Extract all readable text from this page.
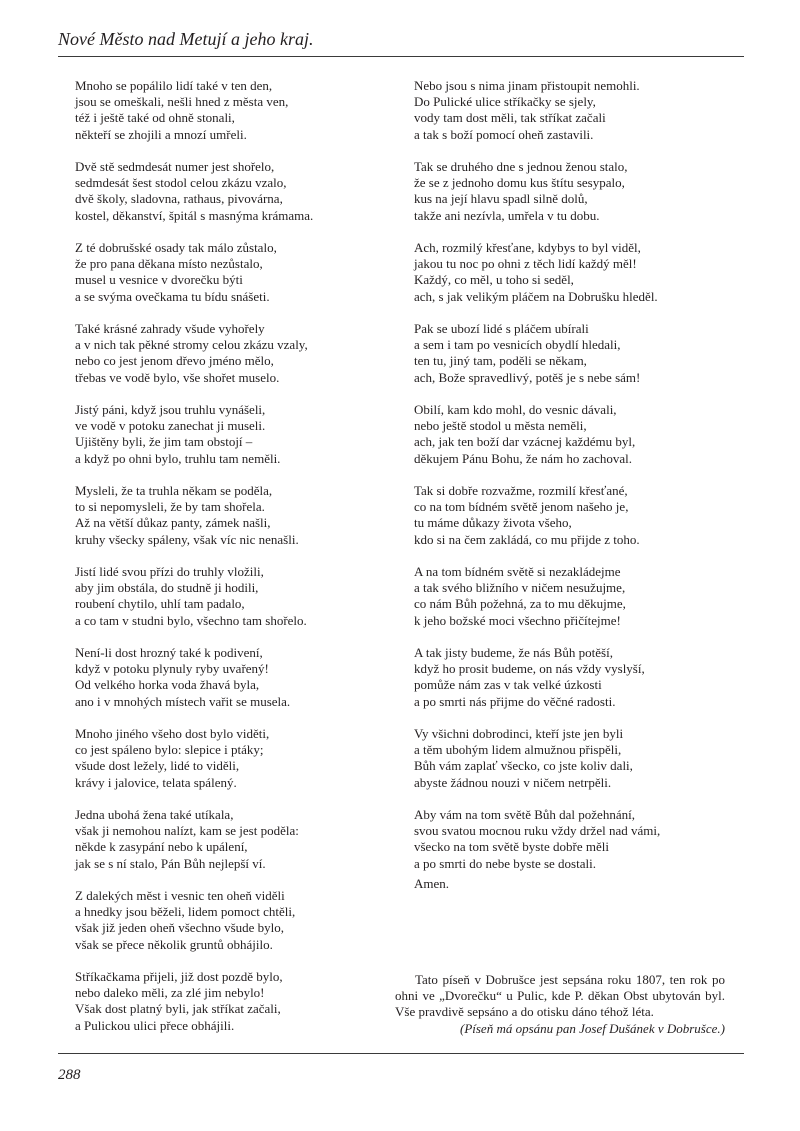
Nové Město nad Metují a jeho kraj.
Mnoho se popálilo lidí také v ten den,
jsou se omeškali, nešli hned z města ven,
též i ještě také od ohně stonali,
někteří se zhojili a mnozí umřeli.
Dvě stě sedmdesát numer jest shořelo,
sedmdesát šest stodol celou zkázu vzalo,
dvě školy, sladovna, rathaus, pivovárna,
kostel, děkanství, špitál s masnýma krámama.
Z té dobrušské osady tak málo zůstalo,
že pro pana děkana místo nezůstalo,
musel u vesnice v dvorečku býti
a se svýma ovečkama tu bídu snášeti.
Také krásné zahrady všude vyhořely
a v nich tak pěkné stromy celou zkázu vzaly,
nebo co jest jenom dřevo jméno mělo,
třebas ve vodě bylo, vše shořet muselo.
Jistý páni, když jsou truhlu vynášeli,
ve vodě v potoku zanechat ji museli.
Ujištěny byli, že jim tam obstojí –
a když po ohni bylo, truhlu tam neměli.
Mysleli, že ta truhla někam se poděla,
to si nepomysleli, že by tam shořela.
Až na větší důkaz panty, zámek našli,
kruhy všecky spáleny, však víc nic nenašli.
Jistí lidé svou přízi do truhly vložili,
aby jim obstála, do studně ji hodili,
roubení chytilo, uhlí tam padalo,
a co tam v studni bylo, všechno tam shořelo.
Není-li dost hrozný také k podivení,
když v potoku plynuly ryby uvařený!
Od velkého horka voda žhavá byla,
ano i v mnohých místech vařit se musela.
Mnoho jiného všeho dost bylo viděti,
co jest spáleno bylo: slepice i ptáky;
všude dost ležely, lidé to viděli,
krávy i jalovice, telata spálený.
Jedna ubohá žena také utíkala,
však ji nemohou nalízt, kam se jest poděla:
někde k zasypání nebo k upálení,
jak se s ní stalo, Pán Bůh nejlepší ví.
Z dalekých měst i vesnic ten oheň viděli
a hnedky jsou běželi, lidem pomoct chtěli,
však již jeden oheň všechno všude bylo,
však se přece několik gruntů obhájilo.
Stříkačkama přijeli, již dost pozdě bylo,
nebo daleko měli, za zlé jim nebylo!
Však dost platný byli, jak stříkat začali,
a Pulickou ulici přece obhájili.
Nebo jsou s nima jinam přistoupit nemohli.
Do Pulické ulice stříkačky se sjely,
vody tam dost měli, tak stříkat začali
a tak s boží pomocí oheň zastavili.
Tak se druhého dne s jednou ženou stalo,
že se z jednoho domu kus štítu sesypalo,
kus na její hlavu spadl silně dolů,
takže ani nezívla, umřela v tu dobu.
Ach, rozmilý křesťane, kdybys to byl viděl,
jakou tu noc po ohni z těch lidí každý měl!
Každý, co měl, u toho si seděl,
ach, s jak velikým pláčem na Dobrušku hleděl.
Pak se ubozí lidé s pláčem ubírali
a sem i tam po vesnicích obydlí hledali,
ten tu, jiný tam, poděli se někam,
ach, Bože spravedlivý, potěš je s nebe sám!
Obilí, kam kdo mohl, do vesnic dávali,
nebo ještě stodol u města neměli,
ach, jak ten boží dar vzácnej každému byl,
děkujem Pánu Bohu, že nám ho zachoval.
Tak si dobře rozvažme, rozmilí křesťané,
co na tom bídném světě jenom našeho je,
tu máme důkazy života všeho,
kdo si na čem zakládá, co mu přijde z toho.
A na tom bídném světě si nezakládejme
a tak svého bližního v ničem nesužujme,
co nám Bůh požehná, za to mu děkujme,
k jeho božské moci všechno přičítejme!
A tak jisty budeme, že nás Bůh potěší,
když ho prosit budeme, on nás vždy vyslyší,
pomůže nám zas v tak velké úzkosti
a po smrti nás přijme do věčné radosti.
Vy všichni dobrodinci, kteří jste jen byli
a těm ubohým lidem almužnou přispěli,
Bůh vám zaplať všecko, co jste koliv dali,
abyste žádnou nouzi v ničem netrpěli.
Aby vám na tom světě Bůh dal požehnání,
svou svatou mocnou ruku vždy držel nad vámi,
všecko na tom světě byste dobře měli
a po smrti do nebe byste se dostali.
Amen.
Tato píseň v Dobrušce jest sepsána roku 1807, ten rok po ohni ve „Dvorečku“ u Pulic, kde P. děkan Obst ubytován byl. Vše pravdivě sepsáno a do otisku dáno téhož léta.
(Píseň má opsánu pan Josef Dušánek v Dobrušce.)
288
